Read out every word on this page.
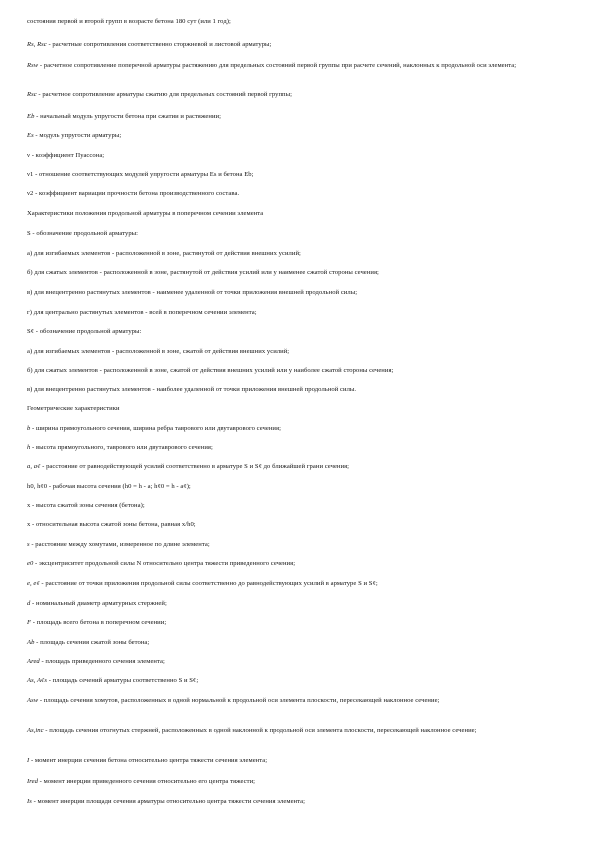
состояния первой и второй групп в возрасте бетона 180 сут (или 1 год);
Rs, Rsc - расчетные сопротивления соответственно сторжневой и листовой арматуры;
Rsw - расчетное сопротивление поперечной арматуры растяжению для предельных состояний первой группы при расчете сечений, наклонных к продольной оси элемента;
Rsc - расчетное сопротивление арматуры сжатию для предельных состояний первой группы;
Eb - начальный модуль упругости бетона при сжатии и растяжении;
Es - модуль упругости арматуры;
ν - коэффициент Пуассона;
ν1 - отношение соответствующих модулей упругости арматуры Es и бетона Eb;
ν2 - коэффициент вариации прочности бетона производственного состава.
Характеристики положения продольной арматуры в поперечном сечении элемента
S - обозначение продольной арматуры:
а) для изгибаемых элементов - расположенной в зоне, растянутой от действия внешних усилий;
б) для сжатых элементов - расположенной в зоне, растянутой от действия усилий или у наименее сжатой стороны сечения;
в) для внецентренно растянутых элементов - наименее удаленной от точки приложения внешней продольной силы;
г) для центрально растянутых элементов - всей в поперечном сечении элемента;
S¢ - обозначение продольной арматуры:
а) для изгибаемых элементов - расположенной в зоне, сжатой от действия внешних усилий;
б) для сжатых элементов - расположенной в зоне, сжатой от действия внешних усилий или у наиболее сжатой стороны сечения;
в) для внецентренно растянутых элементов - наиболее удаленной от точки приложения внешней продольной силы.
Геометрические характеристики
b - ширина прямоугольного сечения, ширина ребра таврового или двутаврового сечения;
h - высота прямоугольного, таврового или двутаврового сечения;
a, a¢ - расстояние от равнодействующей усилий соответственно в арматуре S и S¢ до ближайшей грани сечения;
h0, h¢0 - рабочая высота сечения (h0 = h - a; h¢0 = h - a¢);
x - высота сжатой зоны сечения (бетона);
x - относительная высота сжатой зоны бетона, равная x/h0;
s - расстояние между хомутами, измеренное по длине элемента;
e0 - эксцентриситет продольной силы N относительно центра тяжести приведенного сечения;
e, e¢ - расстояние от точки приложения продольной силы соответственно до равнодействующих усилий в арматуре S и S¢;
d - номинальный диаметр арматурных стержней;
F - площадь всего бетона в поперечном сечении;
Ab - площадь сечения сжатой зоны бетона;
Ared - площадь приведенного сечения элемента;
As, A¢s - площадь сечений арматуры соответственно S и S¢;
Asw - площадь сечения хомутов, расположенных в одной нормальной к продольной оси элемента плоскости, пересекающей наклонное сечение;
As,inc - площадь сечения отогнутых стержней, расположенных в одной наклонной к продольной оси элемента плоскости, пересекающей наклонное сечение;
I - момент инерции сечения бетона относительно центра тяжести сечения элемента;
Ired - момент инерции приведенного сечения относительно его центра тяжести;
Is - момент инерции площади сечения арматуры относительно центра тяжести сечения элемента;
